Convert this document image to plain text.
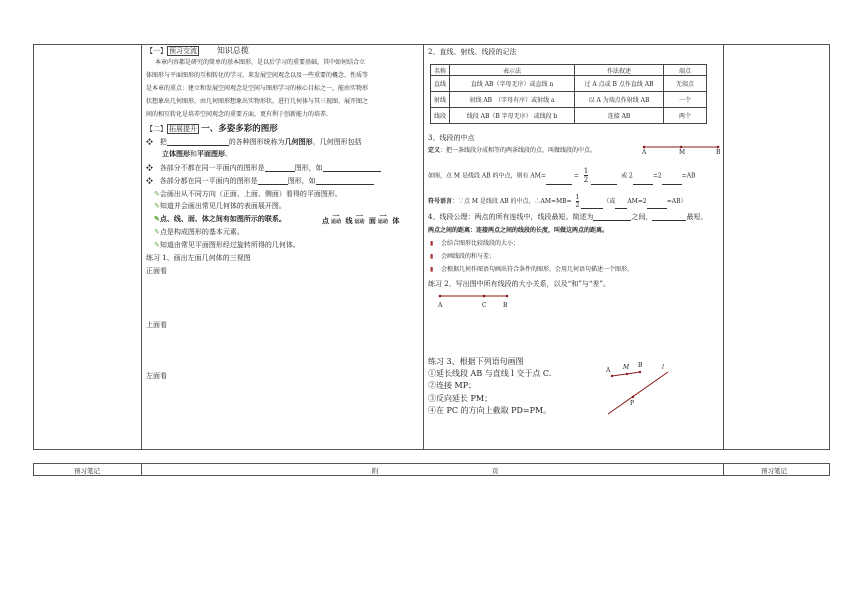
【一】 预习交流 知识总揽
本章内容都是研究的简单的基本图形，是以后学习的重要基础，其中如何结合立
体图形与平面图形的互相转化的学习，来发展空间观念以及一些重要的概念、性质等
是本章的重点：建立和发展空间观念是空间与图形学习的核心目标之一，能由实物形
状想象出几何图形，由几何图形想象出实物形状，进行几何体与其三视图、展开图之
间的相互转化是培养空间观念的重要方面，更有利于创新能力的培养.
【二】 拓展提升 一、多姿多彩的图形
❖ 把	的各种图形统称为几何图形，几何图形包括
立体图形和平面图形。
❖ 各部分不都在同一平面内的图形是	图形，如
❖ 各部分都在同一平面内的图形是	图形，如
✎会画出从不同方向（正面、上面、侧面）看得的平面图形。
✎知道并会画出常见几何体的表面展开图。
✎点、线、面、体之间有如图所示的联系。	点 ⟶
运动 线 ⟶
运动 面 ⟶
运动 体
✎点是构成图形的基本元素。
✎知道由常见平面图形经过旋转所得的几何体。
练习 1、画出左面几何体的三视图
正面看
上面看
左面看
2、直线、射线、线段的记法
名称	表示法	作法叙述	端点
直线	直线 AB（字母无序）或直线 n	过 A 点或 B 点作直线 AB	无端点
射线	射线 AB　（字母有序）或射线 a	以 A 为端点作射线 AB	一个
线段	线段 AB（B 字母无序） 或线段 b	连接 AB	两个
3、线段的中点
定义：把一条线段分成相等的两条线段的点，叫做线段的中点。	A	M	B
如图，点 M 是线段 AB 的中点，则有 AM=	= $\frac{1}{2}$	或 2	=2	=AB
符号语言：∵点 M 是线段 AB 的中点，∴AM=MB= $\frac{1}{2}$	（或 AM=2	=AB）
4、线段公理：两点的所有连线中，线段最短。简述为	之间，	最短。
两点之间的距离：连接两点之间的线段的长度，叫做这两点的距离。
▮ 会结合图形比较线段的大小；
▮ 会画线段的和与差；
▮ 会根据几何作图语句画出符合条件的图形，会用几何语句描述一个图形。
练习 2、写出图中所有线段的大小关系，以及“和”与“差”。
A	C	B
练习 3、根据下列语句画图
①延长线段 AB 与直线 l 交于点 C.
②连接 MP；
③反向延长 PM；
④在 PC 的方向上截取 PD=PM。
A M B	l
P
预习笔记	附	页	预习笔记
